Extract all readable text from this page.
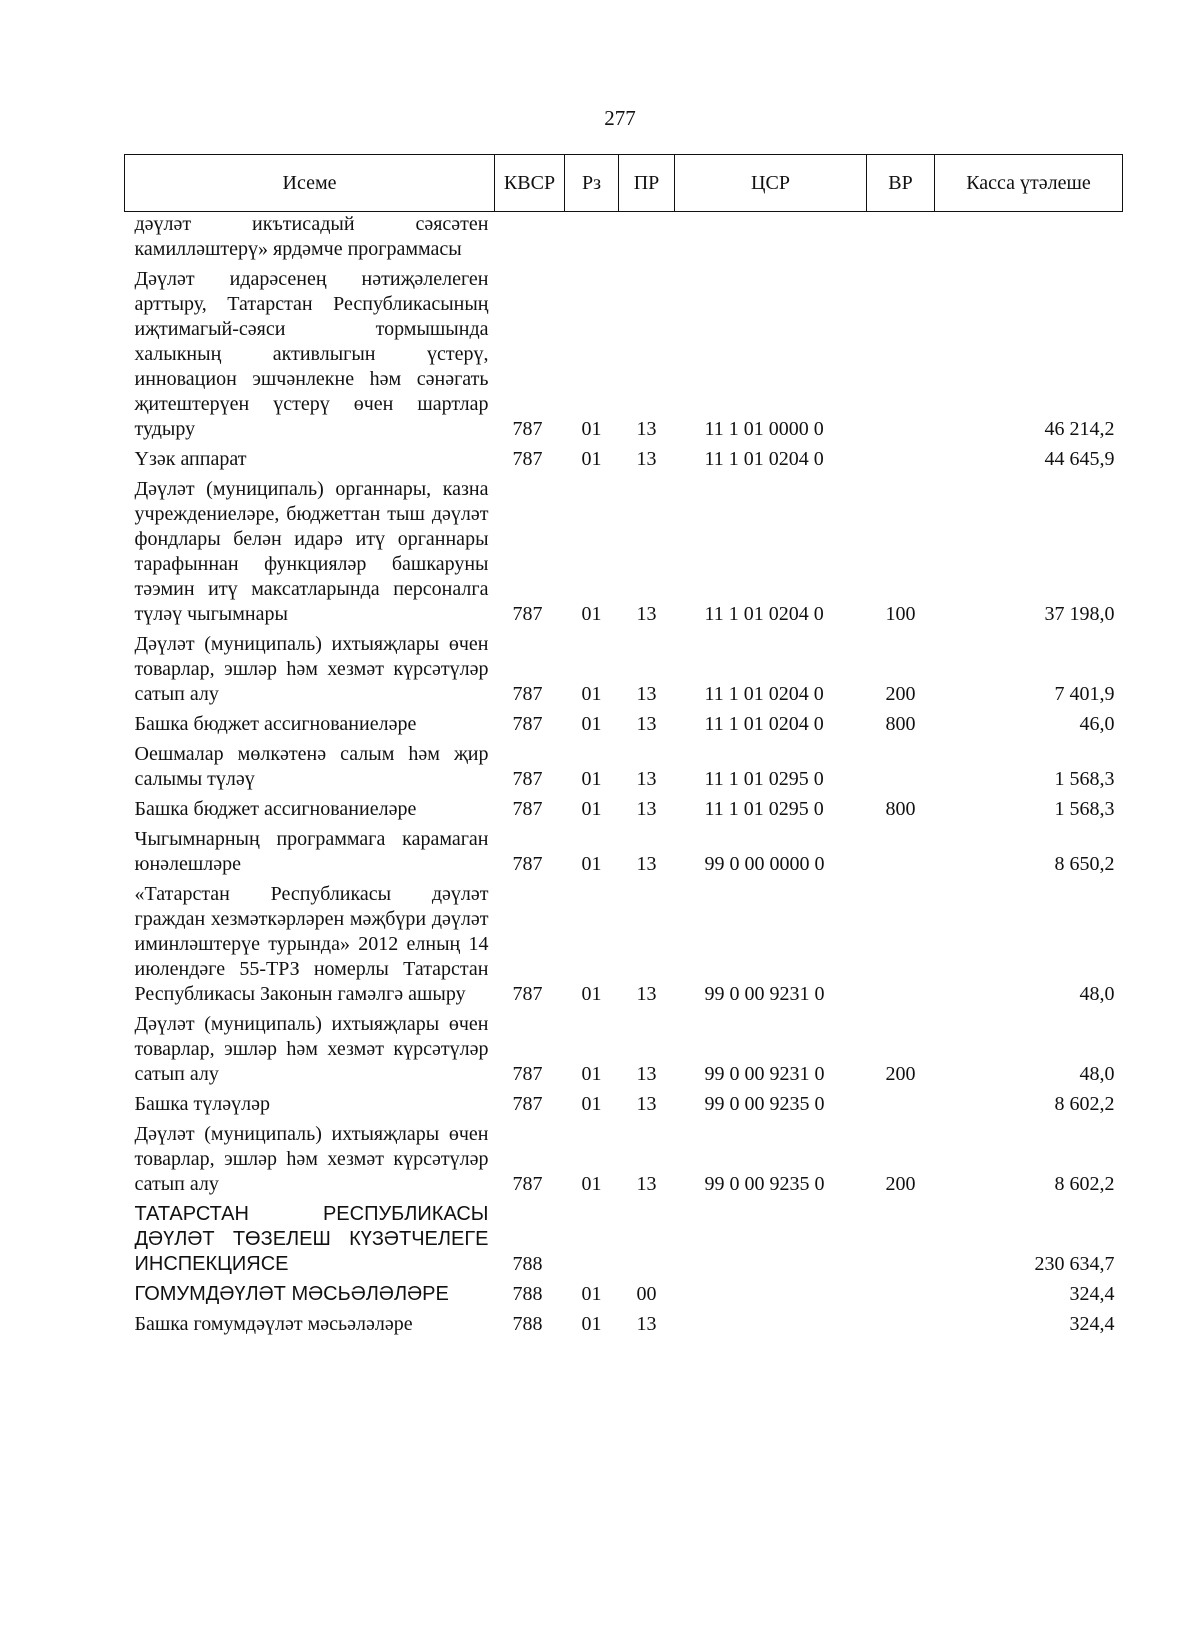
277
Исеме	КВСР	Рз	ПР	ЦСР	ВР	Касса үтәлеше
дәүләт икътисадый сәясәтен камилләштерү» ярдәмче программасы						
Дәүләт идарәсенең нәтиҗәлелеген арттыру, Татарстан Республикасының иҗтимагый-сәяси тормышында халыкның активлыгын үстерү, инновацион эшчәнлекне һәм сәнәгать җитештерүен үстерү өчен шартлар тудыру	787	01	13	11 1 01 0000 0		46 214,2
Үзәк аппарат	787	01	13	11 1 01 0204 0		44 645,9
Дәүләт (муниципаль) органнары, казна учреждениеләре, бюджеттан тыш дәүләт фондлары белән идарә итү органнары тарафыннан функцияләр башкаруны тәэмин итү максатларында персоналга түләү чыгымнары	787	01	13	11 1 01 0204 0	100	37 198,0
Дәүләт (муниципаль) ихтыяҗлары өчен товарлар, эшләр һәм хезмәт күрсәтүләр сатып алу	787	01	13	11 1 01 0204 0	200	7 401,9
Башка бюджет ассигнованиеләре	787	01	13	11 1 01 0204 0	800	46,0
Оешмалар мөлкәтенә салым һәм җир салымы түләү	787	01	13	11 1 01 0295 0		1 568,3
Башка бюджет ассигнованиеләре	787	01	13	11 1 01 0295 0	800	1 568,3
Чыгымнарның программага карамаган юнәлешләре	787	01	13	99 0 00 0000 0		8 650,2
«Татарстан Республикасы дәүләт граждан хезмәткәрләрен мәҗбүри дәүләт иминләштерүе турында» 2012 елның 14 июлендәге 55-ТРЗ номерлы Татарстан Республикасы Законын гамәлгә ашыру	787	01	13	99 0 00 9231 0		48,0
Дәүләт (муниципаль) ихтыяҗлары өчен товарлар, эшләр һәм хезмәт күрсәтүләр сатып алу	787	01	13	99 0 00 9231 0	200	48,0
Башка түләүләр	787	01	13	99 0 00 9235 0		8 602,2
Дәүләт (муниципаль) ихтыяҗлары өчен товарлар, эшләр һәм хезмәт күрсәтүләр сатып алу	787	01	13	99 0 00 9235 0	200	8 602,2
ТАТАРСТАН РЕСПУБЛИКАСЫ ДӘҮЛӘТ ТӨЗЕЛЕШ КҮЗӘТЧЕЛЕГЕ ИНСПЕКЦИЯСЕ	788					230 634,7
ГОМУМДӘҮЛӘТ МӘСЬӘЛӘЛӘРЕ	788	01	00			324,4
Башка гомумдәүләт мәсьәләләре	788	01	13			324,4
